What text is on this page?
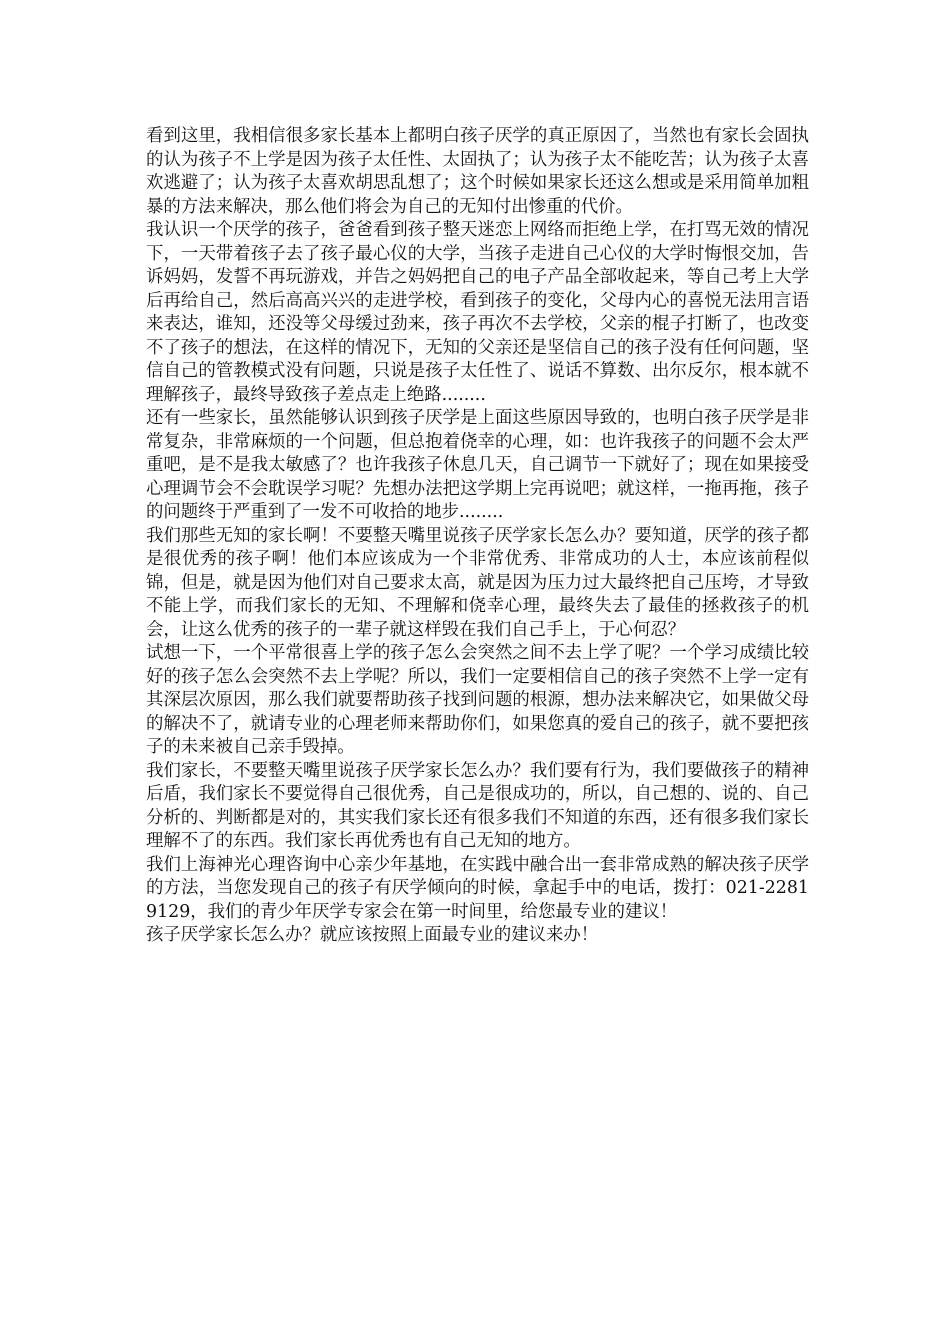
看到这里，我相信很多家长基本上都明白孩子厌学的真正原因了，当然也有家长会固执的认为孩子不上学是因为孩子太任性、太固执了；认为孩子太不能吃苦；认为孩子太喜欢逃避了；认为孩子太喜欢胡思乱想了；这个时候如果家长还这么想或是采用简单加粗暴的方法来解决，那么他们将会为自己的无知付出惨重的代价。

我认识一个厌学的孩子，爸爸看到孩子整天迷恋上网络而拒绝上学，在打骂无效的情况下，一天带着孩子去了孩子最心仪的大学，当孩子走进自己心仪的大学时悔恨交加，告诉妈妈，发誓不再玩游戏，并告之妈妈把自己的电子产品全部收起来，等自己考上大学后再给自己，然后高高兴兴的走进学校，看到孩子的变化，父母内心的喜悦无法用言语来表达，谁知，还没等父母缓过劲来，孩子再次不去学校，父亲的棍子打断了，也改变不了孩子的想法，在这样的情况下，无知的父亲还是坚信自己的孩子没有任何问题，坚信自己的管教模式没有问题，只说是孩子太任性了、说话不算数、出尔反尔，根本就不理解孩子，最终导致孩子差点走上绝路........

还有一些家长，虽然能够认识到孩子厌学是上面这些原因导致的，也明白孩子厌学是非常复杂，非常麻烦的一个问题，但总抱着侥幸的心理，如：也许我孩子的问题不会太严重吧，是不是我太敏感了？也许我孩子休息几天，自己调节一下就好了；现在如果接受心理调节会不会耽误学习呢？先想办法把这学期上完再说吧；就这样，一拖再拖，孩子的问题终于严重到了一发不可收拾的地步........

我们那些无知的家长啊！不要整天嘴里说孩子厌学家长怎么办？要知道，厌学的孩子都是很优秀的孩子啊！他们本应该成为一个非常优秀、非常成功的人士，本应该前程似锦，但是，就是因为他们对自己要求太高，就是因为压力过大最终把自己压垮，才导致不能上学，而我们家长的无知、不理解和侥幸心理，最终失去了最佳的拯救孩子的机会，让这么优秀的孩子的一辈子就这样毁在我们自己手上，于心何忍？

试想一下，一个平常很喜上学的孩子怎么会突然之间不去上学了呢？一个学习成绩比较好的孩子怎么会突然不去上学呢？所以，我们一定要相信自己的孩子突然不上学一定有其深层次原因，那么我们就要帮助孩子找到问题的根源，想办法来解决它，如果做父母的解决不了，就请专业的心理老师来帮助你们，如果您真的爱自己的孩子，就不要把孩子的未来被自己亲手毁掉。

我们家长，不要整天嘴里说孩子厌学家长怎么办？我们要有行为，我们要做孩子的精神后盾，我们家长不要觉得自己很优秀，自己是很成功的，所以，自己想的、说的、自己分析的、判断都是对的，其实我们家长还有很多我们不知道的东西，还有很多我们家长理解不了的东西。我们家长再优秀也有自己无知的地方。

我们上海神光心理咨询中心亲少年基地，在实践中融合出一套非常成熟的解决孩子厌学的方法，当您发现自己的孩子有厌学倾向的时候，拿起手中的电话，拨打：021-22819129，我们的青少年厌学专家会在第一时间里，给您最专业的建议！

孩子厌学家长怎么办？就应该按照上面最专业的建议来办！
